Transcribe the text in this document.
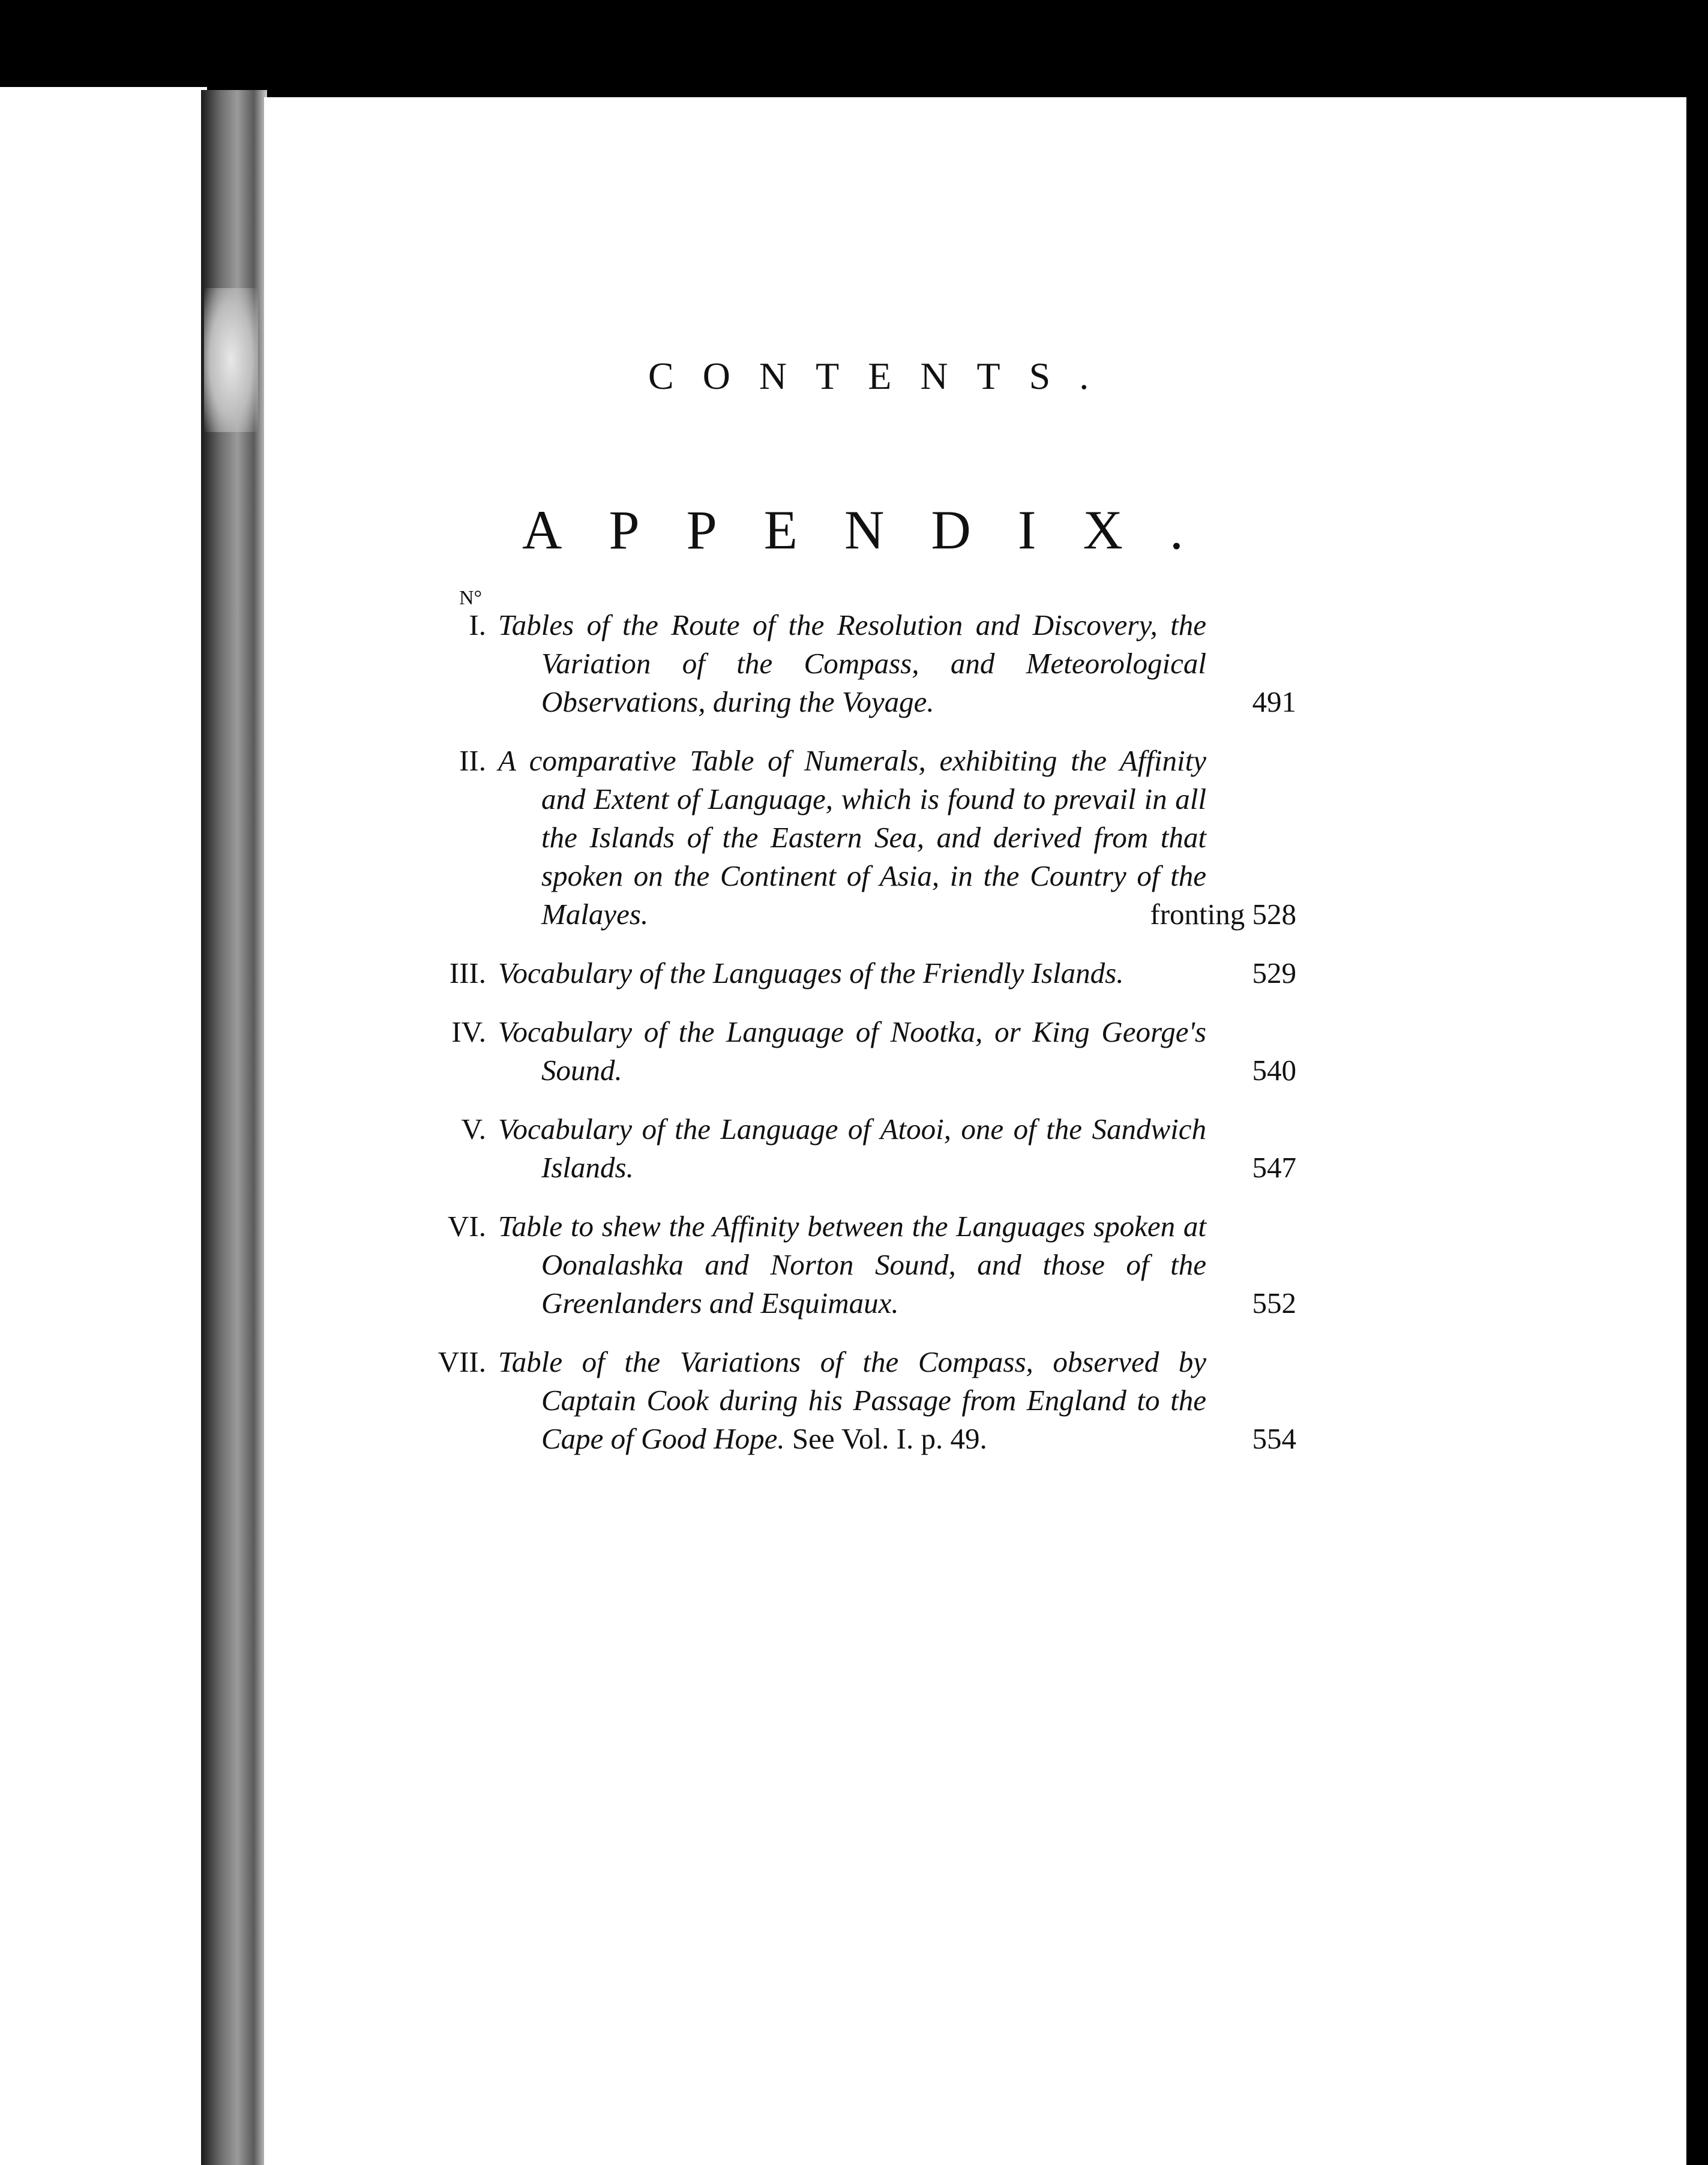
CONTENTS.
APPENDIX.
N°
I. Tables of the Route of the Resolution and Discovery, the Variation of the Compass, and Meteorological Observations, during the Voyage.	491
II. A comparative Table of Numerals, exhibiting the Affinity and Extent of Language, which is found to prevail in all the Islands of the Eastern Sea, and derived from that spoken on the Continent of Asia, in the Country of the Malayes.	fronting 528
III. Vocabulary of the Languages of the Friendly Islands.	529
IV. Vocabulary of the Language of Nootka, or King George's Sound.	540
V. Vocabulary of the Language of Atooi, one of the Sandwich Islands.	547
VI. Table to shew the Affinity between the Languages spoken at Oonalashka and Norton Sound, and those of the Greenlanders and Esquimaux.	552
VII. Table of the Variations of the Compass, observed by Captain Cook during his Passage from England to the Cape of Good Hope. See Vol. I. p. 49.	554
